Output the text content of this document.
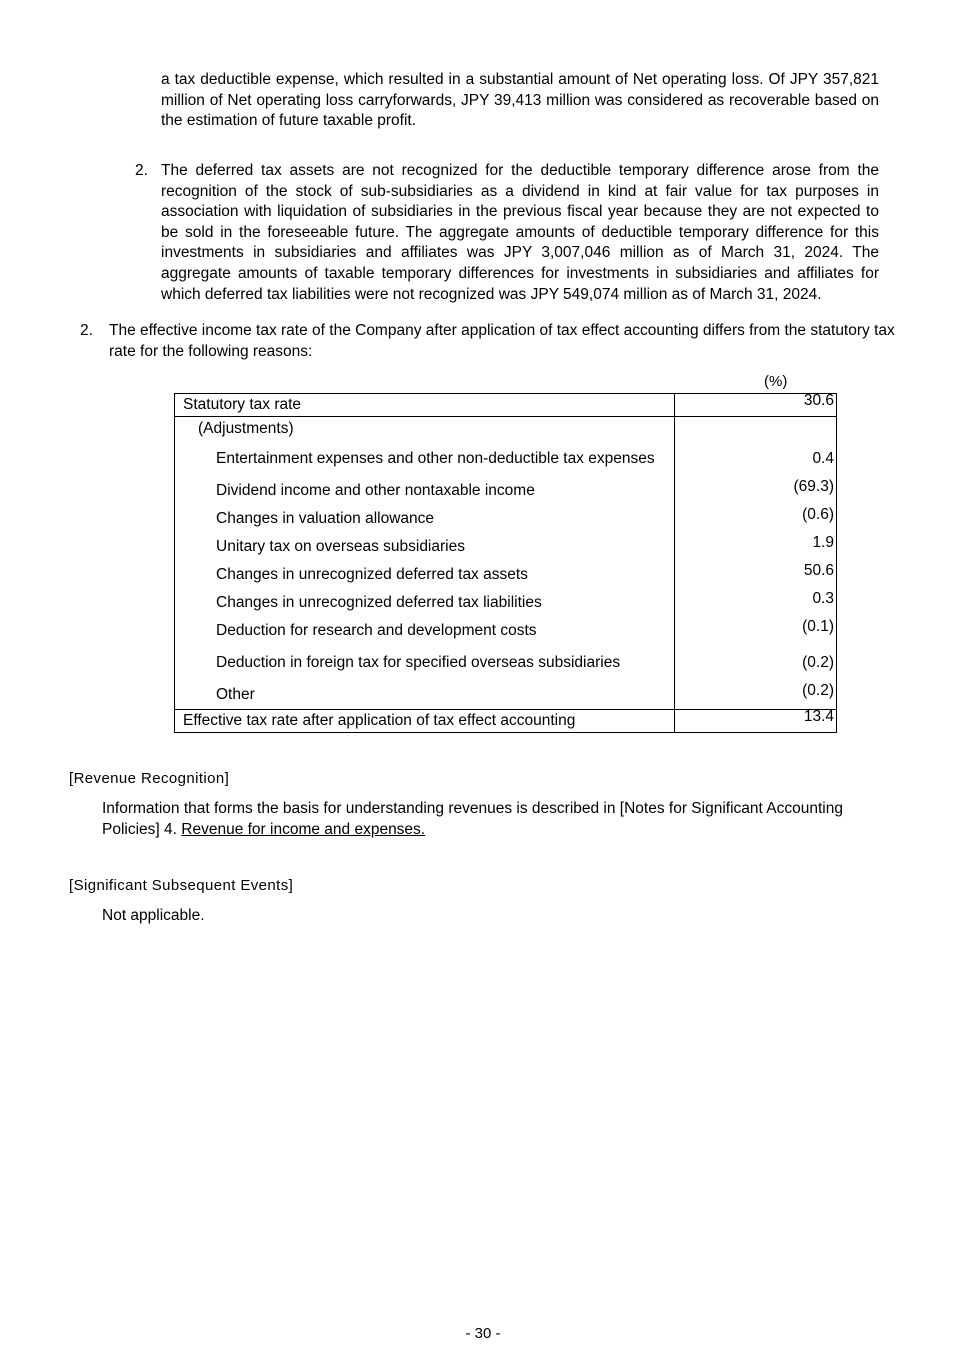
a tax deductible expense, which resulted in a substantial amount of Net operating loss. Of JPY 357,821 million of Net operating loss carryforwards, JPY 39,413 million was considered as recoverable based on the estimation of future taxable profit.

2. The deferred tax assets are not recognized for the deductible temporary difference arose from the recognition of the stock of sub-subsidiaries as a dividend in kind at fair value for tax purposes in association with liquidation of subsidiaries in the previous fiscal year because they are not expected to be sold in the foreseeable future. The aggregate amounts of deductible temporary difference for this investments in subsidiaries and affiliates was JPY 3,007,046 million as of March 31, 2024. The aggregate amounts of taxable temporary differences for investments in subsidiaries and affiliates for which deferred tax liabilities were not recognized was JPY 549,074 million as of March 31, 2024.

2. The effective income tax rate of the Company after application of tax effect accounting differs from the statutory tax rate for the following reasons:

(%)
Statutory tax rate	30.6
(Adjustments)	
Entertainment expenses and other non-deductible tax expenses	0.4
Dividend income and other nontaxable income	(69.3)
Changes in valuation allowance	(0.6)
Unitary tax on overseas subsidiaries	1.9
Changes in unrecognized deferred tax assets	50.6
Changes in unrecognized deferred tax liabilities	0.3
Deduction for research and development costs	(0.1)
Deduction in foreign tax for specified overseas subsidiaries	(0.2)
Other	(0.2)
Effective tax rate after application of tax effect accounting	13.4
[Revenue Recognition]

Information that forms the basis for understanding revenues is described in [Notes for Significant Accounting Policies] 4. Revenue for income and expenses.

[Significant Subsequent Events]

Not applicable.

- 30 -
